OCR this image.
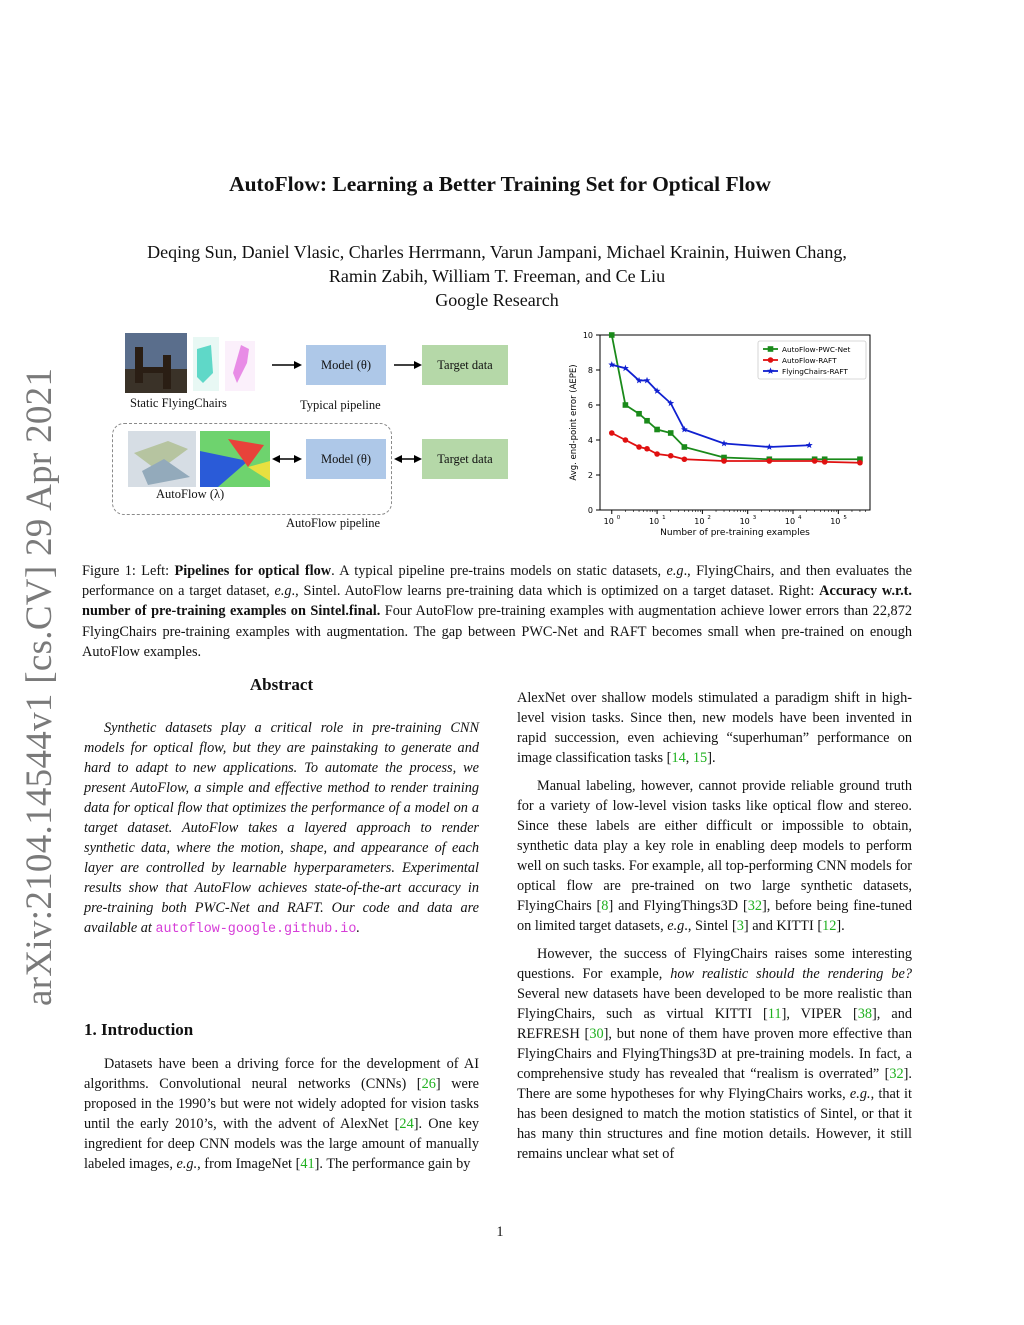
arXiv:2104.14544v1 [cs.CV] 29 Apr 2021
AutoFlow: Learning a Better Training Set for Optical Flow
Deqing Sun, Daniel Vlasic, Charles Herrmann, Varun Jampani, Michael Krainin, Huiwen Chang,
Ramin Zabih, William T. Freeman, and Ce Liu
Google Research
Static FlyingChairs
Model (θ)	Target data
Typical pipeline
AutoFlow (λ)
Model (θ)	Target data
AutoFlow pipeline
0
2
4
6
8
10
10 0	10 1	10 2	10 3	10 4	10 5
Number of pre-training examples
Avg. end-point error (AEPE)
AutoFlow-PWC-Net
AutoFlow-RAFT
FlyingChairs-RAFT
Figure 1: Left: Pipelines for optical flow. A typical pipeline pre-trains models on static datasets, e.g., FlyingChairs, and then evaluates the performance on a target dataset, e.g., Sintel. AutoFlow learns pre-training data which is optimized on a target dataset. Right: Accuracy w.r.t. number of pre-training examples on Sintel.final. Four AutoFlow pre-training examples with augmentation achieve lower errors than 22,872 FlyingChairs pre-training examples with augmentation. The gap between PWC-Net and RAFT becomes small when pre-trained on enough AutoFlow examples.
Abstract

Synthetic datasets play a critical role in pre-training CNN models for optical flow, but they are painstaking to generate and hard to adapt to new applications. To automate the process, we present AutoFlow, a simple and effective method to render training data for optical flow that optimizes the performance of a model on a target dataset. AutoFlow takes a layered approach to render synthetic data, where the motion, shape, and appearance of each layer are controlled by learnable hyperparameters. Experimental results show that AutoFlow achieves state-of-the-art accuracy in pre-training both PWC-Net and RAFT. Our code and data are available at autoflow-google.github.io.

1. Introduction

Datasets have been a driving force for the development of AI algorithms. Convolutional neural networks (CNNs) [26] were proposed in the 1990’s but were not widely adopted for vision tasks until the early 2010’s, with the advent of AlexNet [24]. One key ingredient for deep CNN models was the large amount of manually labeled images, e.g., from ImageNet [41]. The performance gain by

AlexNet over shallow models stimulated a paradigm shift in high-level vision tasks. Since then, new models have been invented in rapid succession, even achieving “superhuman” performance on image classification tasks [14, 15].

Manual labeling, however, cannot provide reliable ground truth for a variety of low-level vision tasks like optical flow and stereo. Since these labels are either difficult or impossible to obtain, synthetic data play a key role in enabling deep models to perform well on such tasks. For example, all top-performing CNN models for optical flow are pre-trained on two large synthetic datasets, FlyingChairs [8] and FlyingThings3D [32], before being fine-tuned on limited target datasets, e.g., Sintel [3] and KITTI [12].

However, the success of FlyingChairs raises some interesting questions. For example, how realistic should the rendering be? Several new datasets have been developed to be more realistic than FlyingChairs, such as virtual KITTI [11], VIPER [38], and REFRESH [30], but none of them have proven more effective than FlyingChairs and FlyingThings3D at pre-training models. In fact, a comprehensive study has revealed that “realism is overrated” [32]. There are some hypotheses for why FlyingChairs works, e.g., that it has been designed to match the motion statistics of Sintel, or that it has many thin structures and fine motion details. However, it still remains unclear what set of

1
